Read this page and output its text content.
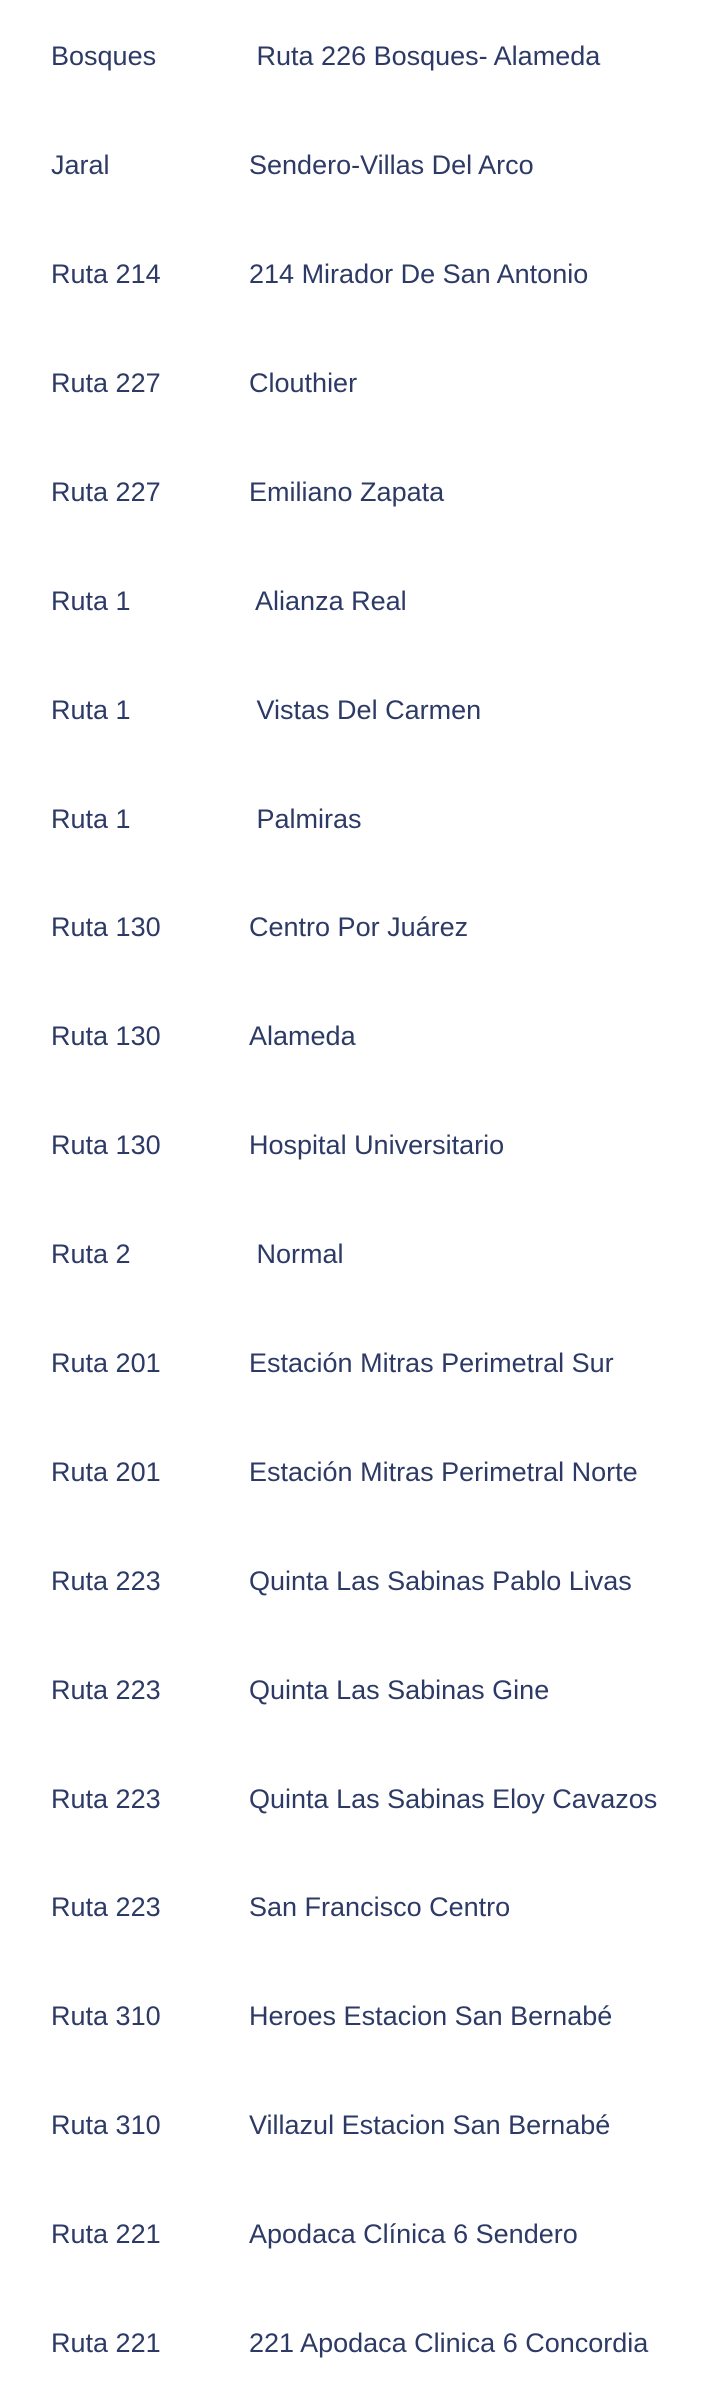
Bosques	Ruta 226 Bosques- Alameda

Jaral	Sendero-Villas Del Arco

Ruta 214	214 Mirador De San Antonio

Ruta 227	Clouthier

Ruta 227	Emiliano Zapata

Ruta 1	Alianza Real

Ruta 1	Vistas Del Carmen

Ruta 1	Palmiras

Ruta 130	Centro Por Juárez

Ruta 130	Alameda

Ruta 130	Hospital Universitario

Ruta 2	Normal

Ruta 201	Estación Mitras Perimetral Sur

Ruta 201	Estación Mitras Perimetral Norte

Ruta 223	Quinta Las Sabinas Pablo Livas

Ruta 223	Quinta Las Sabinas Gine

Ruta 223	Quinta Las Sabinas Eloy Cavazos

Ruta 223	San Francisco Centro

Ruta 310	Heroes Estacion San Bernabé

Ruta 310	Villazul Estacion San Bernabé

Ruta 221	Apodaca Clínica 6 Sendero

Ruta 221	221 Apodaca Clinica 6 Concordia
